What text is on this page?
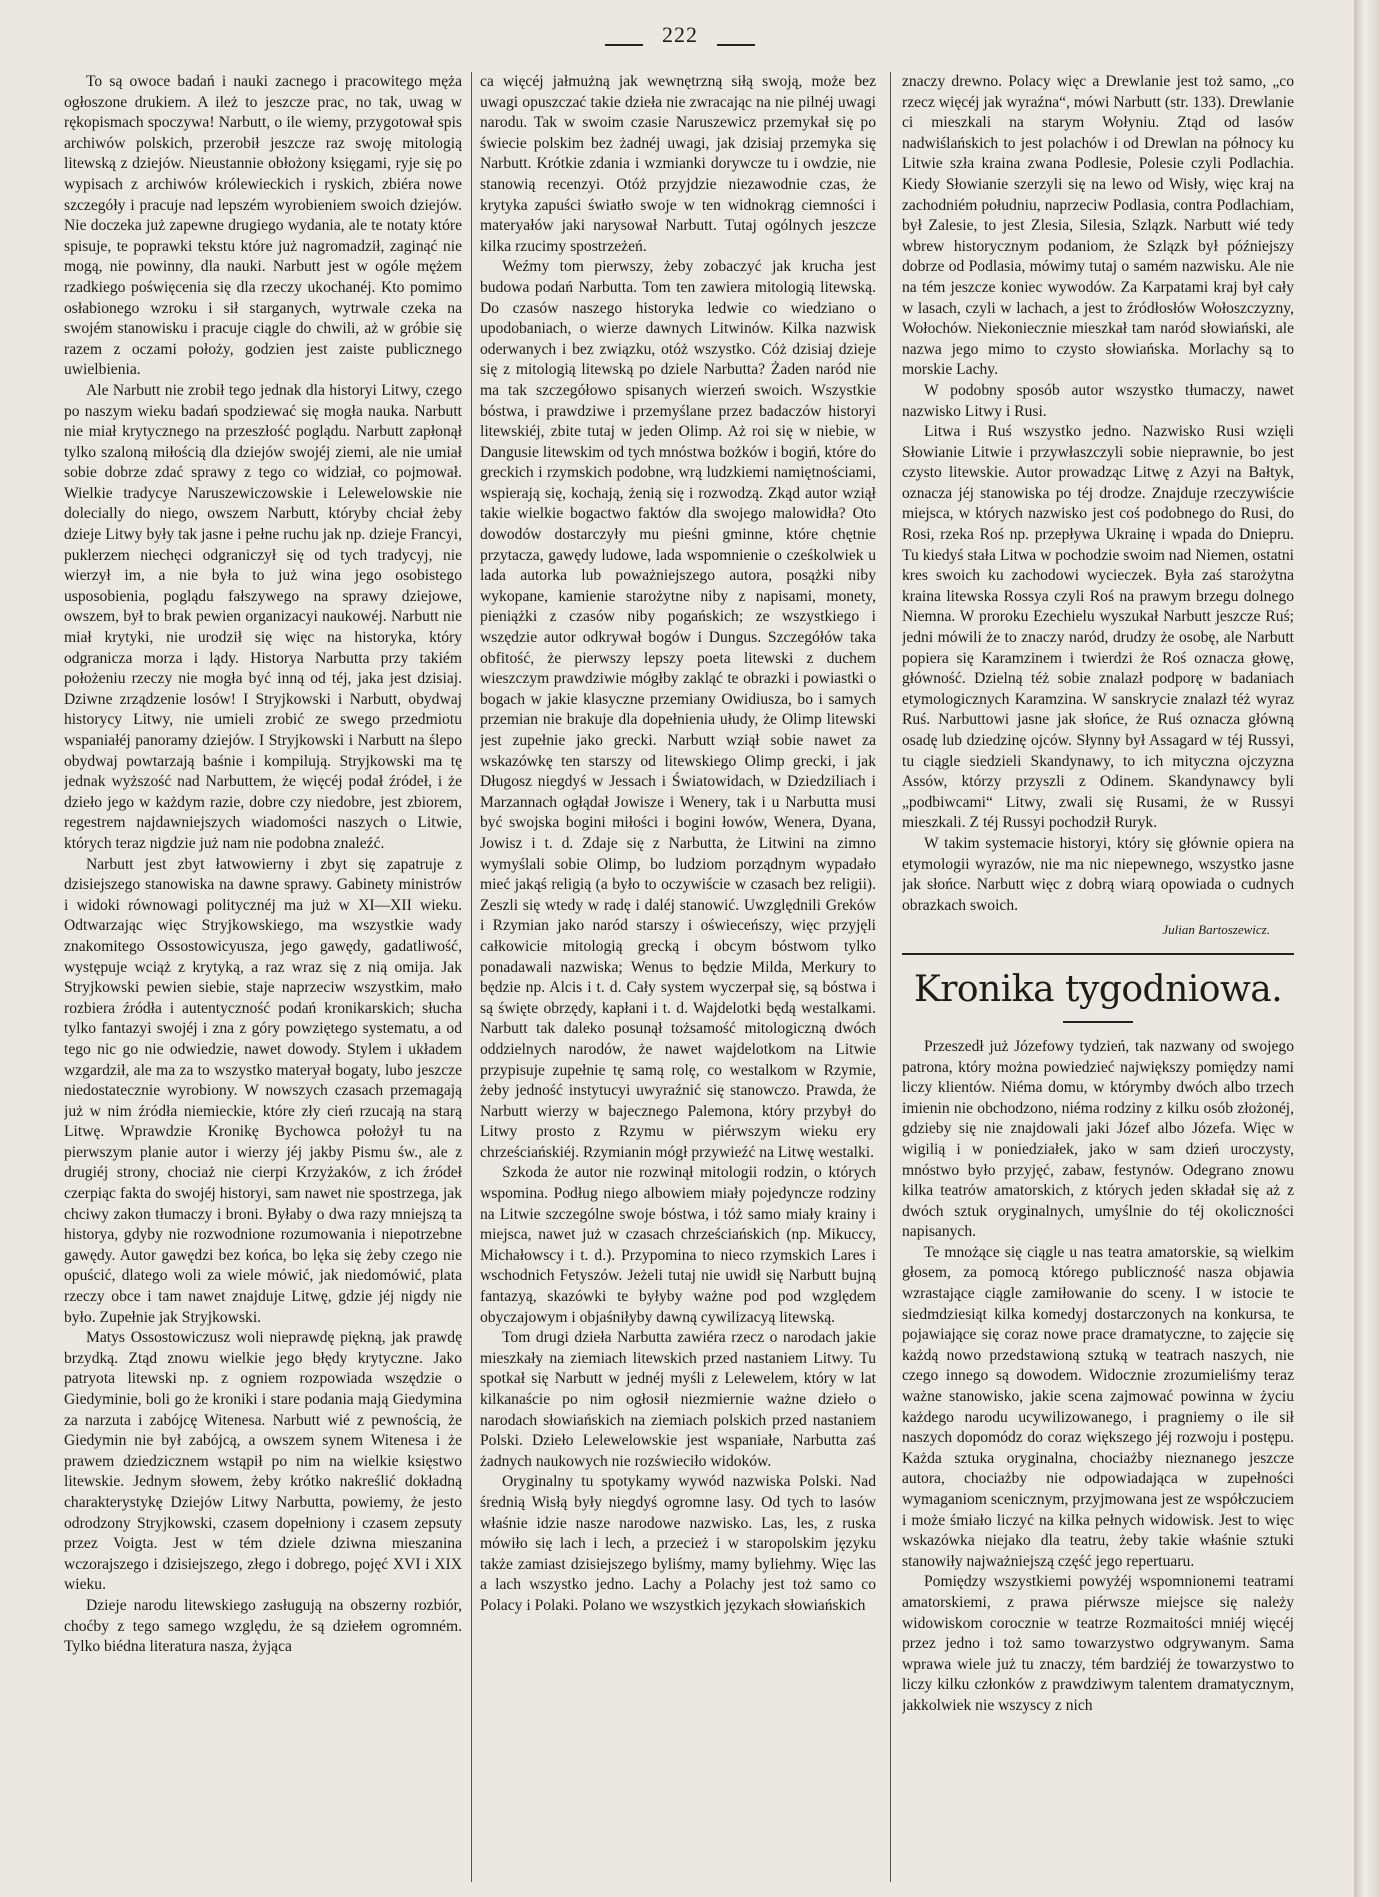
222

To są owoce badań i nauki zacnego i pracowitego męża ogłoszone drukiem. A ileż to jeszcze prac, no tak, uwag w rękopismach spoczywa! Narbutt, o ile wiemy, przygotował spis archiwów polskich, przerobił jeszcze raz swoję mitologią litewską z dziejów. Nieustannie obłożony księgami, ryje się po wypisach z archiwów królewieckich i ryskich, zbiéra nowe szczegóły i pracuje nad lepszém wyrobieniem swoich dziejów. Nie doczeka już zapewne drugiego wydania, ale te notaty które spisuje, te poprawki tekstu które już nagromadził, zaginąć nie mogą, nie powinny, dla nauki. Narbutt jest w ogóle mężem rzadkiego poświęcenia się dla rzeczy ukochanéj. Kto pomimo osłabionego wzroku i sił starganych, wytrwale czeka na swojém stanowisku i pracuje ciągle do chwili, aż w gróbie się razem z oczami położy, godzien jest zaiste publicznego uwielbienia.

Ale Narbutt nie zrobił tego jednak dla historyi Litwy, czego po naszym wieku badań spodziewać się mogła nauka. Narbutt nie miał krytycznego na przeszłość poglądu. Narbutt zapłonął tylko szaloną miłością dla dziejów swojéj ziemi, ale nie umiał sobie dobrze zdać sprawy z tego co widział, co pojmował. Wielkie tradycye Naruszewiczowskie i Lelewelowskie nie dolecially do niego, owszem Narbutt, któryby chciał żeby dzieje Litwy były tak jasne i pełne ruchu jak np. dzieje Francyi, puklerzem niechęci odgraniczył się od tych tradycyj, nie wierzył im, a nie była to już wina jego osobistego usposobienia, poglądu fałszywego na sprawy dziejowe, owszem, był to brak pewien organizacyi naukowéj. Narbutt nie miał krytyki, nie urodził się więc na historyka, który odgranicza morza i lądy. Historya Narbutta przy takiém położeniu rzeczy nie mogła być inną od téj, jaka jest dzisiaj. Dziwne zrządzenie losów! I Stryjkowski i Narbutt, obydwaj historycy Litwy, nie umieli zrobić ze swego przedmiotu wspaniałéj panoramy dziejów. I Stryjkowski i Narbutt na ślepo obydwaj powtarzają baśnie i kompilują. Stryjkowski ma tę jednak wyższość nad Narbuttem, że więcéj podał źródeł, i że dzieło jego w każdym razie, dobre czy niedobre, jest zbiorem, regestrem najdawniejszych wiadomości naszych o Litwie, których teraz nigdzie już nam nie podobna znaleźć.

Narbutt jest zbyt łatwowierny i zbyt się zapatruje z dzisiejszego stanowiska na dawne sprawy. Gabinety ministrów i widoki równowagi politycznéj ma już w XI—XII wieku. Odtwarzając więc Stryjkowskiego, ma wszystkie wady znakomitego Ossostowicyusza, jego gawędy, gadatliwość, występuje wciąż z krytyką, a raz wraz się z nią omija. Jak Stryjkowski pewien siebie, staje naprzeciw wszystkim, mało rozbiera źródła i autentyczność podań kronikarskich; słucha tylko fantazyi swojéj i zna z góry powziętego systematu, a od tego nic go nie odwiedzie, nawet dowody. Stylem i układem wzgardził, ale ma za to wszystko materyał bogaty, lubo jeszcze niedostatecznie wyrobiony. W nowszych czasach przemagają już w nim źródła niemieckie, które zły cień rzucają na starą Litwę. Wprawdzie Kronikę Bychowca położył tu na pierwszym planie autor i wierzy jéj jakby Pismu św., ale z drugiéj strony, chociaż nie cierpi Krzyżaków, z ich źródeł czerpiąc fakta do swojéj historyi, sam nawet nie spostrzega, jak chciwy zakon tłumaczy i broni. Byłaby o dwa razy mniejszą ta historya, gdyby nie rozwodnione rozumowania i niepotrzebne gawędy. Autor gawędzi bez końca, bo lęka się żeby czego nie opuścić, dlatego woli za wiele mówić, jak niedomówić, plata rzeczy obce i tam nawet znajduje Litwę, gdzie jéj nigdy nie było. Zupełnie jak Stryjkowski.

Matys Ossostowiczusz woli nieprawdę piękną, jak prawdę brzydką. Ztąd znowu wielkie jego błędy krytyczne. Jako patryota litewski np. z ogniem rozpowiada wszędzie o Giedyminie, boli go że kroniki i stare podania mają Giedymina za narzuta i zabójcę Witenesa. Narbutt wié z pewnością, że Giedymin nie był zabójcą, a owszem synem Witenesa i że prawem dziedzicznem wstąpił po nim na wielkie księstwo litewskie. Jednym słowem, żeby krótko nakreślić dokładną charakterystykę Dziejów Litwy Narbutta, powiemy, że jesto odrodzony Stryjkowski, czasem dopełniony i czasem zepsuty przez Voigta. Jest w tém dziele dziwna mieszanina wczorajszego i dzisiejszego, złego i dobrego, pojęć XVI i XIX wieku.

Dzieje narodu litewskiego zasługują na obszerny rozbiór, choćby z tego samego względu, że są dziełem ogromném. Tylko biédna literatura nasza, żyjąca

ca więcéj jałmużną jak wewnętrzną siłą swoją, może bez uwagi opuszczać takie dzieła nie zwracając na nie pilnéj uwagi narodu. Tak w swoim czasie Naruszewicz przemykał się po świecie polskim bez żadnéj uwagi, jak dzisiaj przemyka się Narbutt. Krótkie zdania i wzmianki dorywcze tu i owdzie, nie stanowią recenzyi. Otóż przyjdzie niezawodnie czas, że krytyka zapuści światło swoje w ten widnokrąg ciemności i materyałów jaki narysował Narbutt. Tutaj ogólnych jeszcze kilka rzucimy spostrzeżeń.

Weźmy tom pierwszy, żeby zobaczyć jak krucha jest budowa podań Narbutta. Tom ten zawiera mitologią litewską. Do czasów naszego historyka ledwie co wiedziano o upodobaniach, o wierze dawnych Litwinów. Kilka nazwisk oderwanych i bez związku, otóż wszystko. Cóż dzisiaj dzieje się z mitologią litewską po dziele Narbutta? Żaden naród nie ma tak szczegółowo spisanych wierzeń swoich. Wszystkie bóstwa, i prawdziwe i przemyślane przez badaczów historyi litewskiéj, zbite tutaj w jeden Olimp. Aż roi się w niebie, w Dangusie litewskim od tych mnóstwa bożków i bogiń, które do greckich i rzymskich podobne, wrą ludzkiemi namiętnościami, wspierają się, kochają, żenią się i rozwodzą. Zkąd autor wziął takie wielkie bogactwo faktów dla swojego malowidła? Oto dowodów dostarczyły mu pieśni gminne, które chętnie przytacza, gawędy ludowe, lada wspomnienie o cześkolwiek u lada autorka lub poważniejszego autora, posążki niby wykopane, kamienie starożytne niby z napisami, monety, pieniążki z czasów niby pogańskich; ze wszystkiego i wszędzie autor odkrywał bogów i Dungus. Szczegółów taka obfitość, że pierwszy lepszy poeta litewski z duchem wieszczym prawdziwie mógłby zakląć te obrazki i powiastki o bogach w jakie klasyczne przemiany Owidiusza, bo i samych przemian nie brakuje dla dopełnienia ułudy, że Olimp litewski jest zupełnie jako grecki. Narbutt wziął sobie nawet za wskazówkę ten starszy od litewskiego Olimp grecki, i jak Długosz niegdyś w Jessach i Światowidach, w Dziedziliach i Marzannach ogłądał Jowisze i Wenery, tak i u Narbutta musi być swojska bogini miłości i bogini łowów, Wenera, Dyana, Jowisz i t. d. Zdaje się z Narbutta, że Litwini na zimno wymyślali sobie Olimp, bo ludziom porządnym wypadało mieć jakąś religią (a było to oczywiście w czasach bez religii). Zeszli się wtedy w radę i daléj stanowić. Uwzględnili Greków i Rzymian jako naród starszy i oświeceńszy, więc przyjęli całkowicie mitologią grecką i obcym bóstwom tylko ponadawali nazwiska; Wenus to będzie Milda, Merkury to będzie np. Alcis i t. d. Cały system wyczerpał się, są bóstwa i są święte obrzędy, kapłani i t. d. Wajdelotki będą westalkami. Narbutt tak daleko posunął tożsamość mitologiczną dwóch oddzielnych narodów, że nawet wajdelotkom na Litwie przypisuje zupełnie tę samą rolę, co westalkom w Rzymie, żeby jedność instytucyi uwyraźnić się stanowczo. Prawda, że Narbutt wierzy w bajecznego Palemona, który przybył do Litwy prosto z Rzymu w piérwszym wieku ery chrześciańskiéj. Rzymianin mógł przywieźć na Litwę westalki.

Szkoda że autor nie rozwinął mitologii rodzin, o których wspomina. Podług niego albowiem miały pojedyncze rodziny na Litwie szczególne swoje bóstwa, i tóż samo miały krainy i miejsca, nawet już w czasach chrześciańskich (np. Mikuccy, Michałowscy i t. d.). Przypomina to nieco rzymskich Lares i wschodnich Fetyszów. Jeżeli tutaj nie uwidł się Narbutt bujną fantazyą, skazówki te byłyby ważne pod pod względem obyczajowym i objaśniłyby dawną cywilizacyą litewską.

Tom drugi dzieła Narbutta zawiéra rzecz o narodach jakie mieszkały na ziemiach litewskich przed nastaniem Litwy. Tu spotkał się Narbutt w jednéj myśli z Lelewelem, który w lat kilkanaście po nim ogłosił niezmiernie ważne dzieło o narodach słowiańskich na ziemiach polskich przed nastaniem Polski. Dzieło Lelewelowskie jest wspaniałe, Narbutta zaś żadnych naukowych nie rozświeciło widoków.

Oryginalny tu spotykamy wywód nazwiska Polski. Nad średnią Wisłą były niegdyś ogromne lasy. Od tych to lasów właśnie idzie nasze narodowe nazwisko. Las, les, z ruska mówiło się lach i lech, a przecież i w staropolskim języku także zamiast dzisiejszego byliśmy, mamy byliehmy. Więc las a lach wszystko jedno. Lachy a Polachy jest toż samo co Polacy i Polaki. Polano we wszystkich językach słowiańskich

znaczy drewno. Polacy więc a Drewlanie jest toż samo, „co rzecz więcéj jak wyraźna“, mówi Narbutt (str. 133). Drewlanie ci mieszkali na starym Wołyniu. Ztąd od lasów nadwiślańskich to jest polachów i od Drewlan na północy ku Litwie szła kraina zwana Podlesie, Polesie czyli Podlachia. Kiedy Słowianie szerzyli się na lewo od Wisły, więc kraj na zachodniém południu, naprzeciw Podlasia, contra Podlachiam, był Zalesie, to jest Zlesia, Silesia, Szlązk. Narbutt wié tedy wbrew historycznym podaniom, że Szlązk był późniejszy dobrze od Podlasia, mówimy tutaj o samém nazwisku. Ale nie na tém jeszcze koniec wywodów. Za Karpatami kraj był cały w lasach, czyli w lachach, a jest to źródłosłów Wołoszczyzny, Wołochów. Niekoniecznie mieszkał tam naród słowiański, ale nazwa jego mimo to czysto słowiańska. Morlachy są to morskie Lachy.

W podobny sposób autor wszystko tłumaczy, nawet nazwisko Litwy i Rusi.

Litwa i Ruś wszystko jedno. Nazwisko Rusi wzięli Słowianie Litwie i przywłaszczyli sobie nieprawnie, bo jest czysto litewskie. Autor prowadząc Litwę z Azyi na Bałtyk, oznacza jéj stanowiska po téj drodze. Znajduje rzeczywiście miejsca, w których nazwisko jest coś podobnego do Rusi, do Rosi, rzeka Roś np. przepływa Ukrainę i wpada do Dniepru. Tu kiedyś stała Litwa w pochodzie swoim nad Niemen, ostatni kres swoich ku zachodowi wycieczek. Była zaś starożytna kraina litewska Rossya czyli Roś na prawym brzegu dolnego Niemna. W proroku Ezechielu wyszukał Narbutt jeszcze Ruś; jedni mówili że to znaczy naród, drudzy że osobę, ale Narbutt popiera się Karamzinem i twierdzi że Roś oznacza głowę, główność. Dzielną téż sobie znalazł podporę w badaniach etymologicznych Karamzina. W sanskrycie znalazł téż wyraz Ruś. Narbuttowi jasne jak słońce, że Ruś oznacza główną osadę lub dziedzinę ojców. Słynny był Assagard w téj Russyi, tu ciągle siedzieli Skandynawy, to ich mityczna ojczyzna Assów, którzy przyszli z Odinem. Skandynawcy byli „podbiwcami“ Litwy, zwali się Rusami, że w Russyi mieszkali. Z téj Russyi pochodził Ruryk.

W takim systemacie historyi, który się głównie opiera na etymologii wyrazów, nie ma nic niepewnego, wszystko jasne jak słońce. Narbutt więc z dobrą wiarą opowiada o cudnych obrazkach swoich.

Julian Bartoszewicz.

Kronika tygodniowa.

Przeszedł już Józefowy tydzień, tak nazwany od swojego patrona, który można powiedzieć największy pomiędzy nami liczy klientów. Niéma domu, w którymby dwóch albo trzech imienin nie obchodzono, niéma rodziny z kilku osób złożonéj, gdzieby się nie znajdowali jaki Józef albo Józefa. Więc w wigilią i w poniedziałek, jako w sam dzień uroczysty, mnóstwo było przyjęć, zabaw, festynów. Odegrano znowu kilka teatrów amatorskich, z których jeden składał się aż z dwóch sztuk oryginalnych, umyślnie do téj okoliczności napisanych.

Te mnożące się ciągle u nas teatra amatorskie, są wielkim głosem, za pomocą którego publiczność nasza objawia wzrastające ciągle zamiłowanie do sceny. I w istocie te siedmdziesiąt kilka komedyj dostarczonych na konkursa, te pojawiające się coraz nowe prace dramatyczne, to zajęcie się każdą nowo przedstawioną sztuką w teatrach naszych, nie czego innego są dowodem. Widocznie zrozumieliśmy teraz ważne stanowisko, jakie scena zajmować powinna w życiu każdego narodu ucywilizowanego, i pragniemy o ile sił naszych dopomódz do coraz większego jéj rozwoju i postępu. Każda sztuka oryginalna, chociażby nieznanego jeszcze autora, chociażby nie odpowiadająca w zupełności wymaganiom scenicznym, przyjmowana jest ze współczuciem i może śmiało liczyć na kilka pełnych widowisk. Jest to więc wskazówka niejako dla teatru, żeby takie właśnie sztuki stanowiły najważniejszą część jego repertuaru.

Pomiędzy wszystkiemi powyżéj wspomnionemi teatrami amatorskiemi, z prawa piérwsze miejsce się należy widowiskom corocznie w teatrze Rozmaitości mniéj więcéj przez jedno i toż samo towarzystwo odgrywanym. Sama wprawa wiele już tu znaczy, tém bardziéj że towarzystwo to liczy kilku członków z prawdziwym talentem dramatycznym, jakkolwiek nie wszyscy z nich
